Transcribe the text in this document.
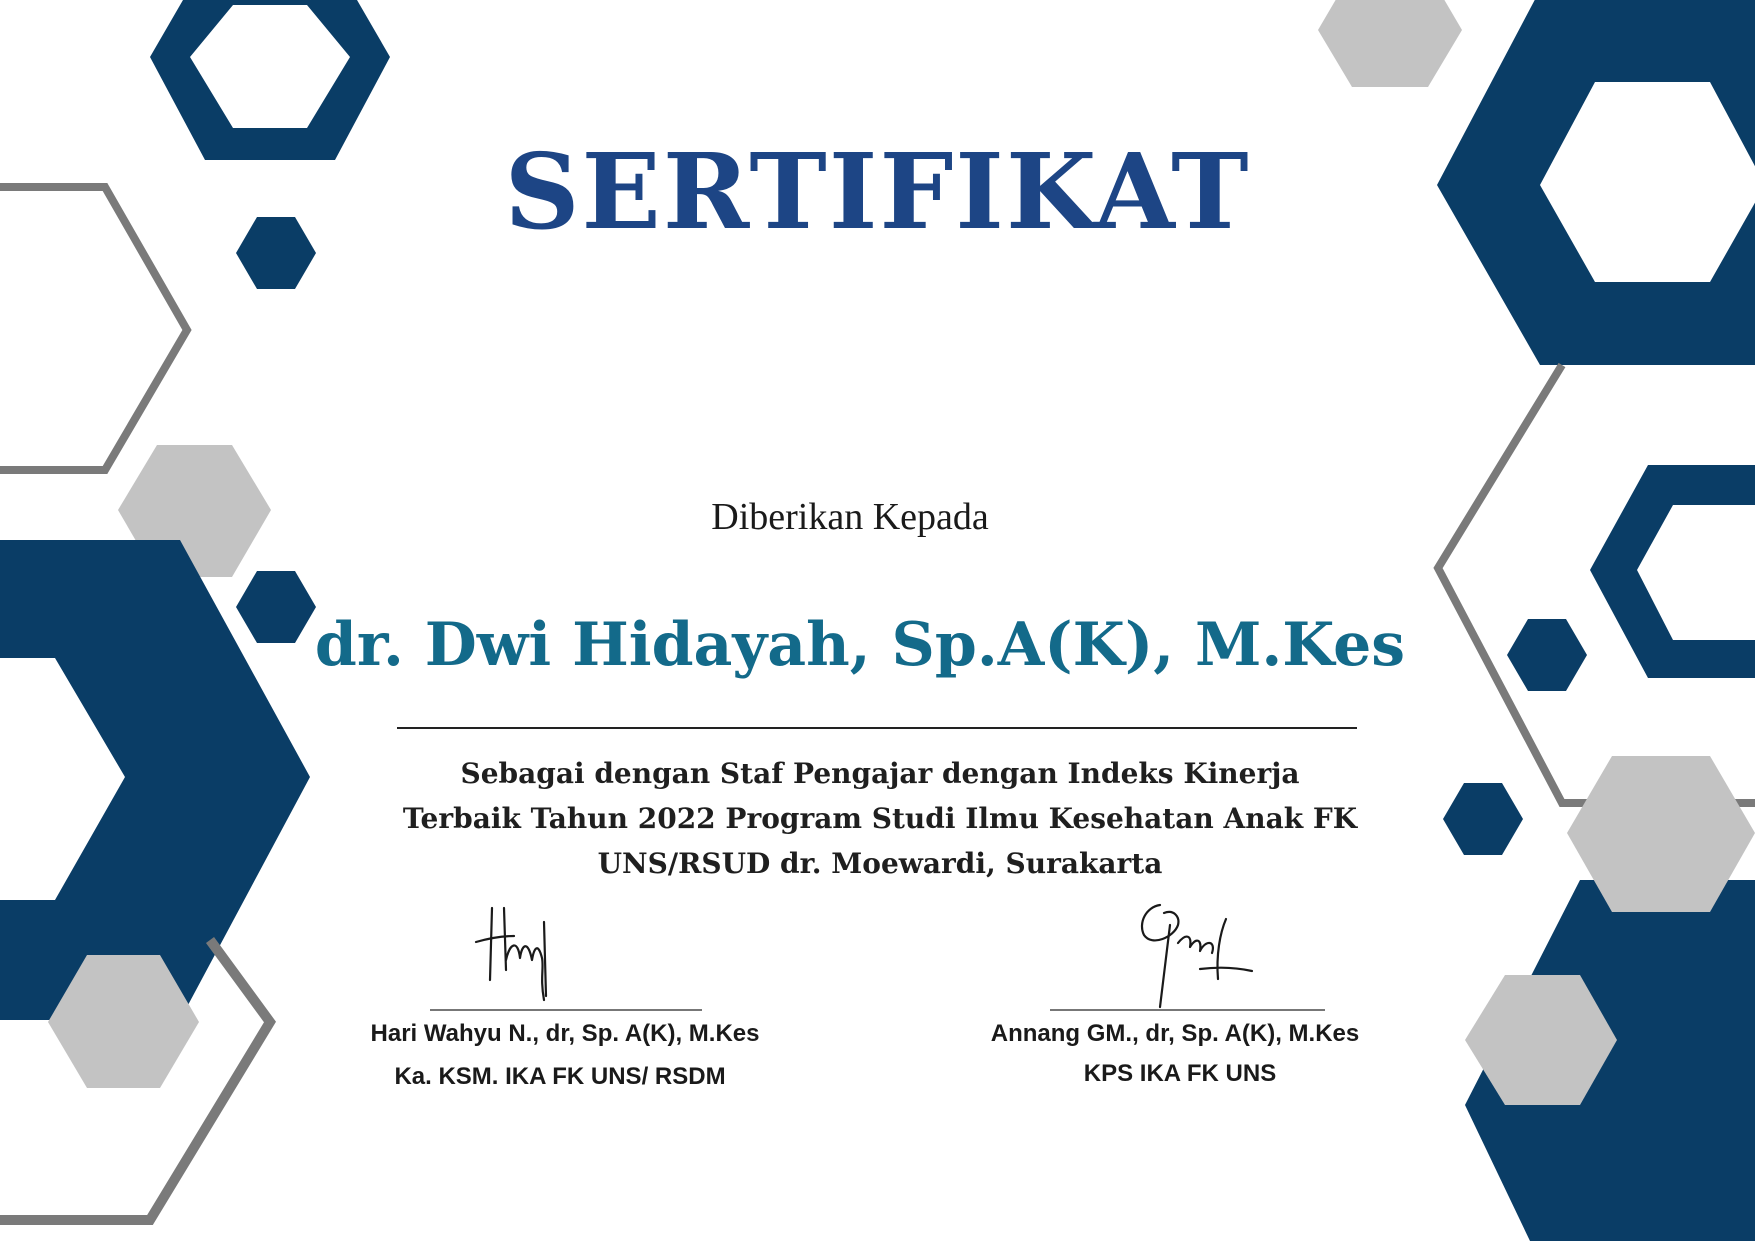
SERTIFIKAT
Diberikan Kepada
dr. Dwi Hidayah, Sp.A(K), M.Kes
Sebagai dengan Staf Pengajar dengan Indeks Kinerja
Terbaik Tahun 2022 Program Studi Ilmu Kesehatan Anak FK
UNS/RSUD dr. Moewardi, Surakarta
Hari Wahyu N., dr, Sp. A(K), M.Kes
Ka. KSM. IKA FK UNS/ RSDM
Annang GM., dr, Sp. A(K), M.Kes
KPS IKA FK UNS
